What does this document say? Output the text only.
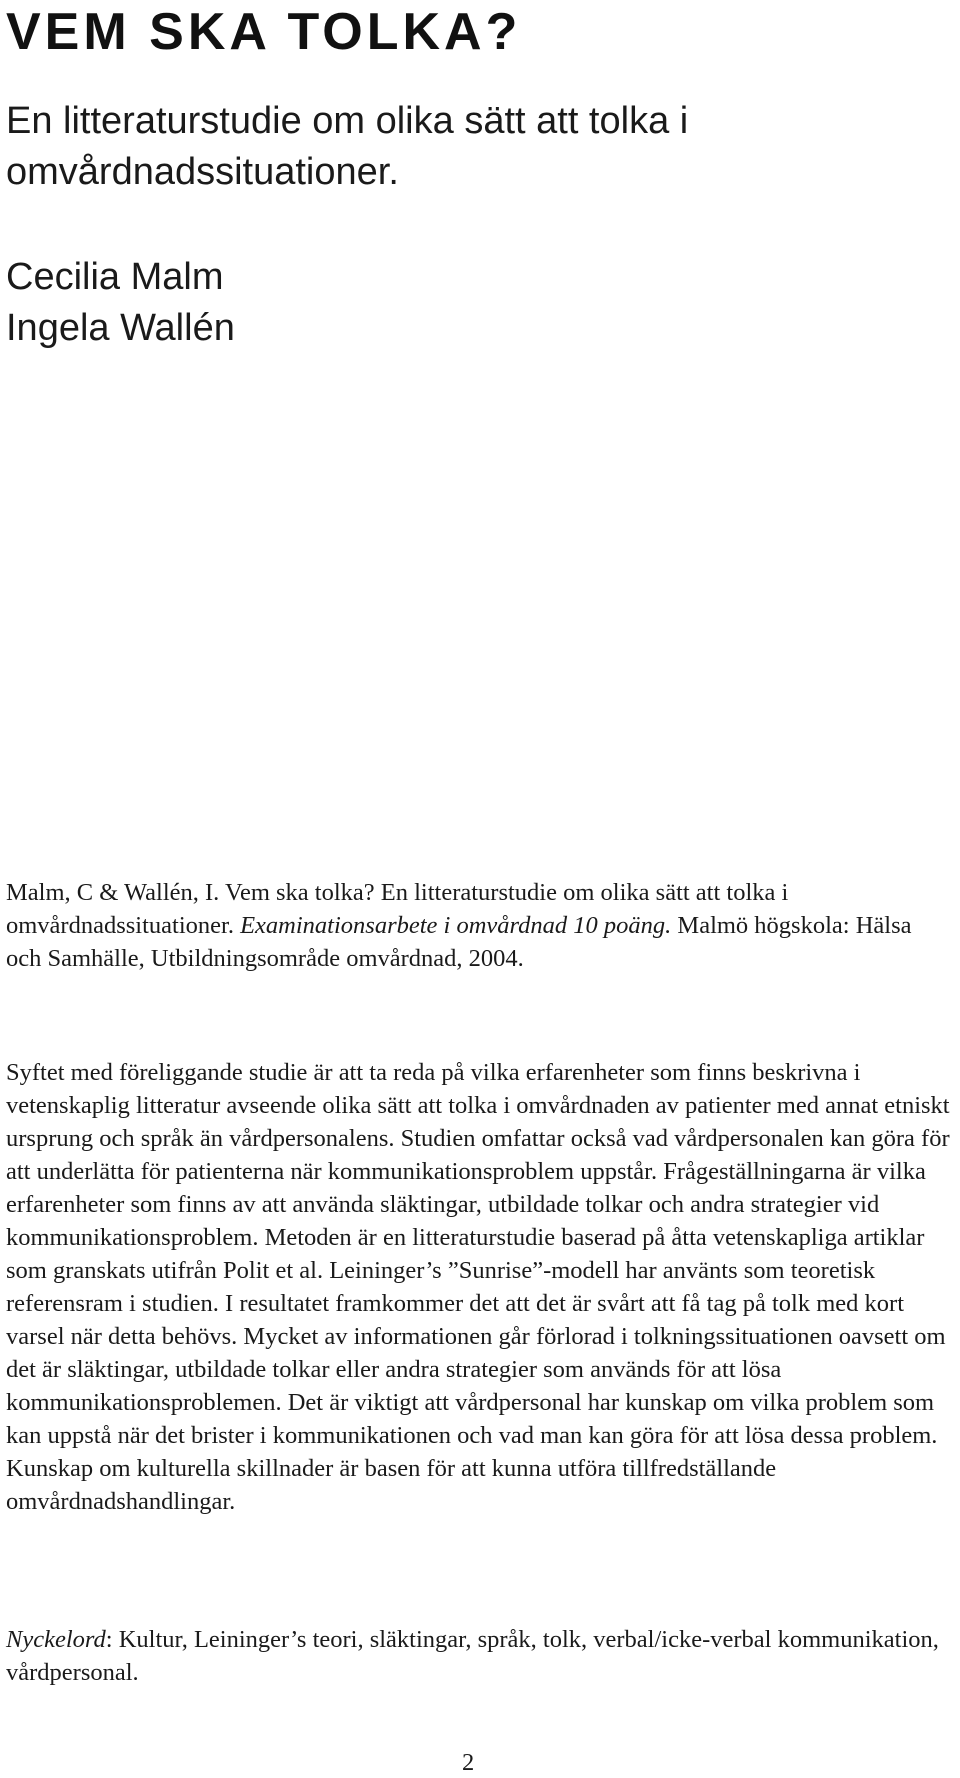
VEM SKA TOLKA?
En litteraturstudie om olika sätt att tolka i omvårdnadssituationer.
Cecilia Malm
Ingela Wallén

Malm, C & Wallén, I. Vem ska tolka? En litteraturstudie om olika sätt att tolka i omvårdnadssituationer. Examinationsarbete i omvårdnad 10 poäng. Malmö högskola: Hälsa och Samhälle, Utbildningsområde omvårdnad, 2004.

Syftet med föreliggande studie är att ta reda på vilka erfarenheter som finns beskrivna i vetenskaplig litteratur avseende olika sätt att tolka i omvårdnaden av patienter med annat etniskt ursprung och språk än vårdpersonalens. Studien omfattar också vad vårdpersonalen kan göra för att underlätta för patienterna när kommunikationsproblem uppstår. Frågeställningarna är vilka erfarenheter som finns av att använda släktingar, utbildade tolkar och andra strategier vid kommunikationsproblem. Metoden är en litteraturstudie baserad på åtta vetenskapliga artiklar som granskats utifrån Polit et al. Leininger’s ”Sunrise”-modell har använts som teoretisk referensram i studien. I resultatet framkommer det att det är svårt att få tag på tolk med kort varsel när detta behövs. Mycket av informationen går förlorad i tolkningssituationen oavsett om det är släktingar, utbildade tolkar eller andra strategier som används för att lösa kommunikationsproblemen. Det är viktigt att vårdpersonal har kunskap om vilka problem som kan uppstå när det brister i kommunikationen och vad man kan göra för att lösa dessa problem. Kunskap om kulturella skillnader är basen för att kunna utföra tillfredställande omvårdnadshandlingar.

Nyckelord: Kultur, Leininger’s teori, släktingar, språk, tolk, verbal/icke-verbal kommunikation, vårdpersonal.

2
